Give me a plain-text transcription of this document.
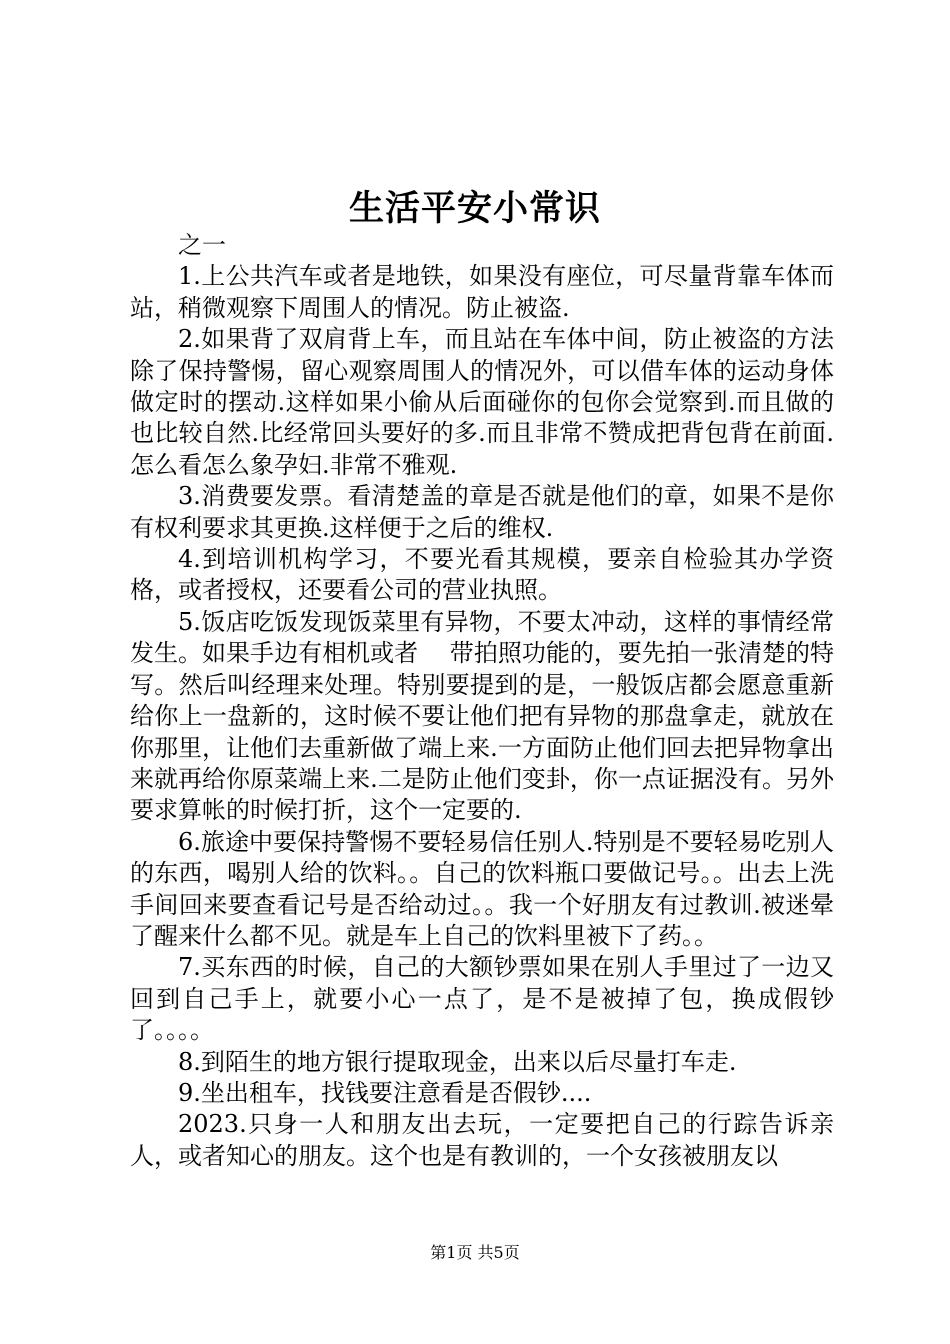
生活平安小常识

之一

1.上公共汽车或者是地铁，如果没有座位，可尽量背靠车体而站，稍微观察下周围人的情况。防止被盗.

2.如果背了双肩背上车，而且站在车体中间，防止被盗的方法除了保持警惕，留心观察周围人的情况外，可以借车体的运动身体做定时的摆动.这样如果小偷从后面碰你的包你会觉察到.而且做的也比较自然.比经常回头要好的多.而且非常不赞成把背包背在前面.怎么看怎么象孕妇.非常不雅观.

3.消费要发票。看清楚盖的章是否就是他们的章，如果不是你有权利要求其更换.这样便于之后的维权.

4.到培训机构学习，不要光看其规模，要亲自检验其办学资格，或者授权，还要看公司的营业执照。

5.饭店吃饭发现饭菜里有异物，不要太冲动，这样的事情经常发生。如果手边有相机或者　 带拍照功能的，要先拍一张清楚的特写。然后叫经理来处理。特别要提到的是，一般饭店都会愿意重新给你上一盘新的，这时候不要让他们把有异物的那盘拿走，就放在你那里，让他们去重新做了端上来.一方面防止他们回去把异物拿出来就再给你原菜端上来.二是防止他们变卦，你一点证据没有。另外要求算帐的时候打折，这个一定要的.

6.旅途中要保持警惕不要轻易信任别人.特别是不要轻易吃别人的东西，喝别人给的饮料。。自己的饮料瓶口要做记号。。出去上洗手间回来要查看记号是否给动过。。我一个好朋友有过教训.被迷晕了醒来什么都不见。就是车上自己的饮料里被下了药。。

7.买东西的时候，自己的大额钞票如果在别人手里过了一边又回到自己手上，就要小心一点了，是不是被掉了包，换成假钞了。。。。

8.到陌生的地方银行提取现金，出来以后尽量打车走.

9.坐出租车，找钱要注意看是否假钞....

2023.只身一人和朋友出去玩，一定要把自己的行踪告诉亲人，或者知心的朋友。这个也是有教训的，一个女孩被朋友以

第1页 共5页
